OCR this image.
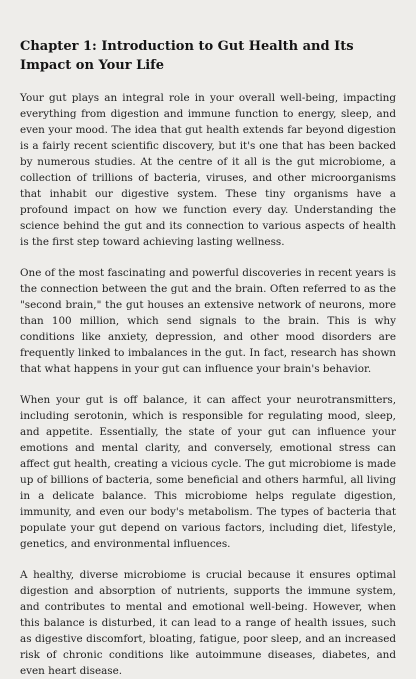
Chapter 1: Introduction to Gut Health and Its Impact on Your Life

Your gut plays an integral role in your overall well-being, impacting everything from digestion and immune function to energy, sleep, and even your mood. The idea that gut health extends far beyond digestion is a fairly recent scientific discovery, but it's one that has been backed by numerous studies. At the centre of it all is the gut microbiome, a collection of trillions of bacteria, viruses, and other microorganisms that inhabit our digestive system. These tiny organisms have a profound impact on how we function every day. Understanding the science behind the gut and its connection to various aspects of health is the first step toward achieving lasting wellness.

One of the most fascinating and powerful discoveries in recent years is the connection between the gut and the brain. Often referred to as the "second brain," the gut houses an extensive network of neurons, more than 100 million, which send signals to the brain. This is why conditions like anxiety, depression, and other mood disorders are frequently linked to imbalances in the gut. In fact, research has shown that what happens in your gut can influence your brain's behavior.

When your gut is off balance, it can affect your neurotransmitters, including serotonin, which is responsible for regulating mood, sleep, and appetite. Essentially, the state of your gut can influence your emotions and mental clarity, and conversely, emotional stress can affect gut health, creating a vicious cycle. The gut microbiome is made up of billions of bacteria, some beneficial and others harmful, all living in a delicate balance. This microbiome helps regulate digestion, immunity, and even our body's metabolism. The types of bacteria that populate your gut depend on various factors, including diet, lifestyle, genetics, and environmental influences.

A healthy, diverse microbiome is crucial because it ensures optimal digestion and absorption of nutrients, supports the immune system, and contributes to mental and emotional well-being. However, when this balance is disturbed, it can lead to a range of health issues, such as digestive discomfort, bloating, fatigue, poor sleep, and an increased risk of chronic conditions like autoimmune diseases, diabetes, and even heart disease.
